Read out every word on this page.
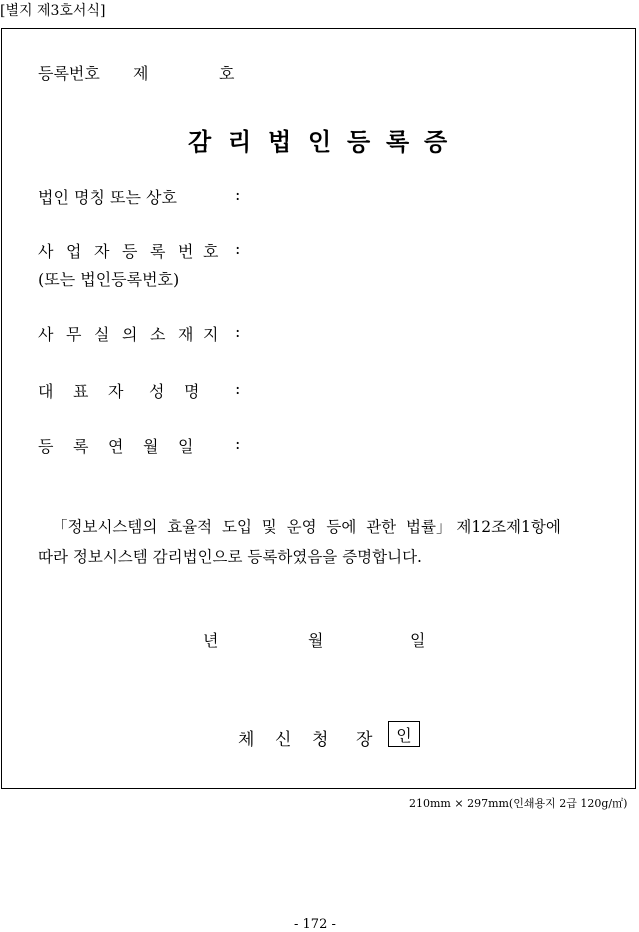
[별지 제3호서식]
등록번호 제	호
감 리 법 인 등 록 증
법인 명칭 또는 상호	:
사 업 자 등 록 번 호 :
(또는 법인등록번호)
사 무 실 의 소 재 지 :
대 표 자 성 명 :
등 록 연 월 일	:
「정보시스템의  효율적  도입  및  운영  등에  관한  법률」 제12조제1항에
따라 정보시스템 감리법인으로 등록하였음을 증명합니다.
년	월	일
체 신 청 장 인
210mm × 297mm(인쇄용지 2급 120g/㎡)
- 172 -
